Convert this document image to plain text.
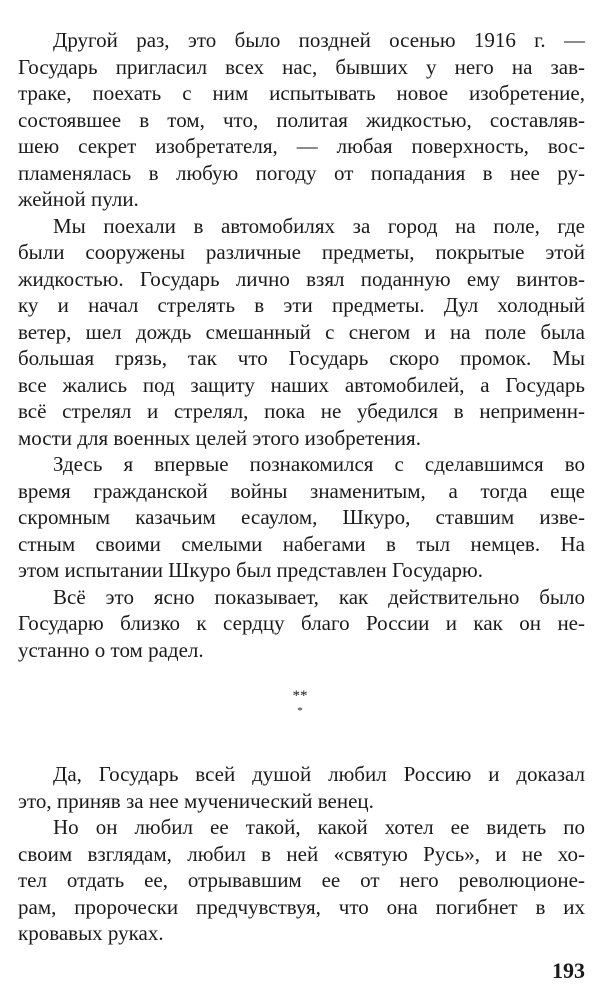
Другой раз, это было поздней осенью 1916 г. —
Государь пригласил всех нас, бывших у него на зав-
траке, поехать с ним испытывать новое изобретение,
состоявшее в том, что, политая жидкостью, составляв-
шею секрет изобретателя, — любая поверхность, вос-
пламенялась в любую погоду от попадания в нее ру-
жейной пули.
Мы поехали в автомобилях за город на поле, где
были сооружены различные предметы, покрытые этой
жидкостью. Государь лично взял поданную ему винтов-
ку и начал стрелять в эти предметы. Дул холодный
ветер, шел дождь смешанный с снегом и на поле была
большая грязь, так что Государь скоро промок. Мы
все жались под защиту наших автомобилей, а Государь
всё стрелял и стрелял, пока не убедился в неприменн-
мости для военных целей этого изобретения.
Здесь я впервые познакомился с сделавшимся во
время гражданской войны знаменитым, а тогда еще
скромным казачьим есаулом, Шкуро, ставшим изве-
стным своими смелыми набегами в тыл немцев. На
этом испытании Шкуро был представлен Государю.
Всё это ясно показывает, как действительно было
Государю близко к сердцу благо России и как он не-
устанно о том радел.
**
*
Да, Государь всей душой любил Россию и доказал
это, приняв за нее мученический венец.
Но он любил ее такой, какой хотел ее видеть по
своим взглядам, любил в ней «святую Русь», и не хо-
тел отдать ее, отрывавшим ее от него революционе-
рам, пророчески предчувствуя, что она погибнет в их
кровавых руках.
193
